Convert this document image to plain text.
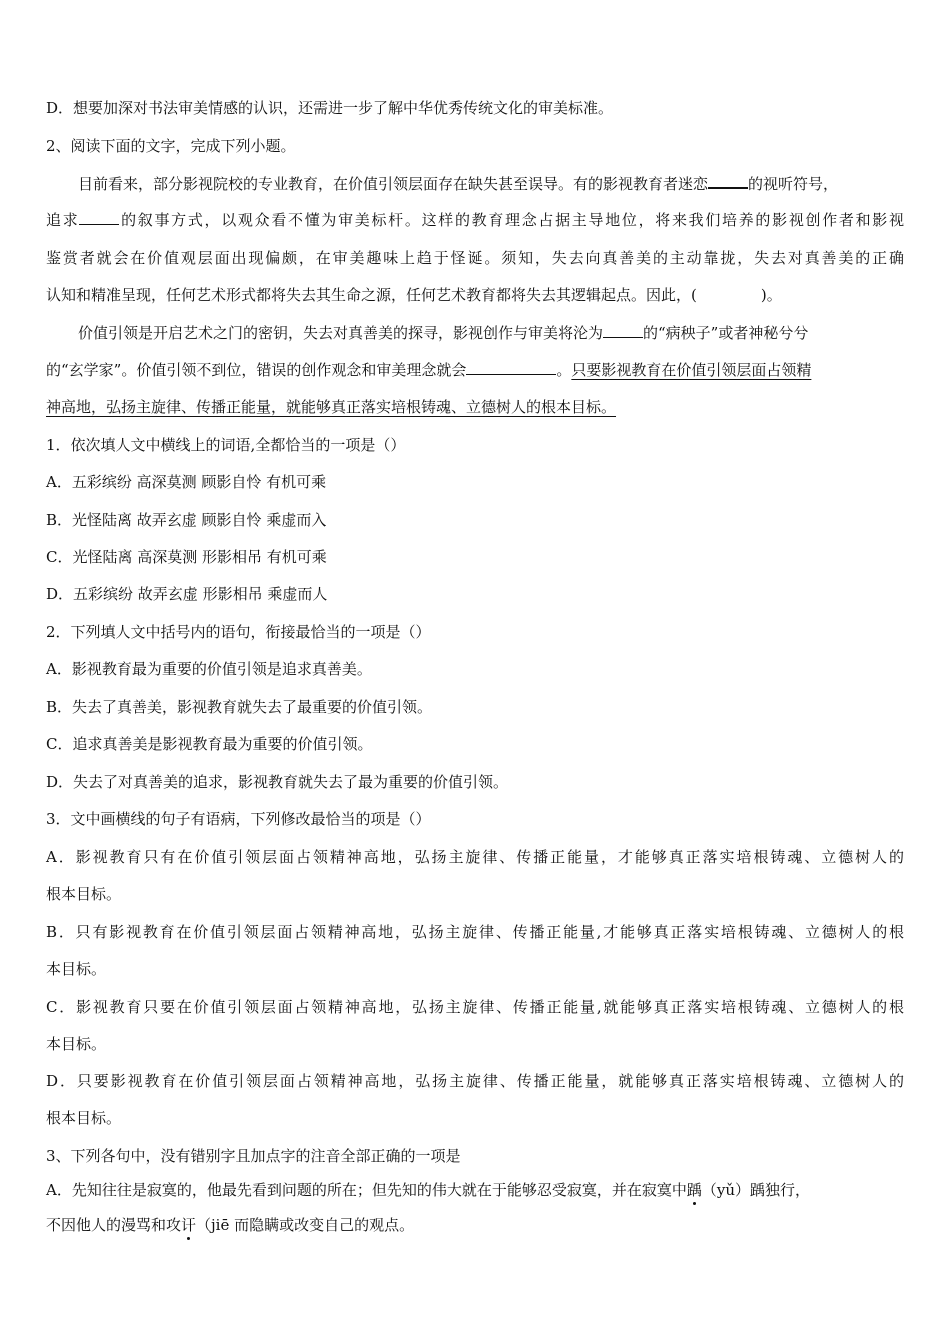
D．想要加深对书法审美情感的认识，还需进一步了解中华优秀传统文化的审美标准。
2、阅读下面的文字，完成下列小题。
目前看来，部分影视院校的专业教育，在价值引领层面存在缺失甚至误导。有的影视教育者迷恋	的视听符号，
追求	的叙事方式，以观众看不懂为审美标杆。这样的教育理念占据主导地位，将来我们培养的影视创作者和影视
鉴赏者就会在价值观层面出现偏颇，在审美趣味上趋于怪诞。须知，失去向真善美的主动靠拢，失去对真善美的正确
认知和精准呈现，任何艺术形式都将失去其生命之源，任何艺术教育都将失去其逻辑起点。因此，(	)。
价值引领是开启艺术之门的密钥，失去对真善美的探寻，影视创作与审美将沦为	的“病秧子”或者神秘兮兮
的“玄学家”。价值引领不到位，错误的创作观念和审美理念就会	。只要影视教育在价值引领层面占领精
神高地，弘扬主旋律、传播正能量，就能够真正落实培根铸魂、立德树人的根本目标。
1．依次填人文中横线上的词语,全都恰当的一项是（）
A．五彩缤纷 高深莫测 顾影自怜 有机可乘
B．光怪陆离 故弄玄虚 顾影自怜 乘虚而入
C．光怪陆离 高深莫测 形影相吊 有机可乘
D．五彩缤纷 故弄玄虚 形影相吊 乘虚而人
2．下列填人文中括号内的语句，衔接最恰当的一项是（）
A．影视教育最为重要的价值引领是追求真善美。
B．失去了真善美，影视教育就失去了最重要的价值引领。
C．追求真善美是影视教育最为重要的价值引领。
D．失去了对真善美的追求，影视教育就失去了最为重要的价值引领。
3．文中画横线的句子有语病，下列修改最恰当的项是（）
A．影视教育只有在价值引领层面占领精神高地，弘扬主旋律、传播正能量，才能够真正落实培根铸魂、立德树人的
根本目标。
B．只有影视教育在价值引领层面占领精神高地，弘扬主旋律、传播正能量,才能够真正落实培根铸魂、立德树人的根
本目标。
C．影视教育只要在价值引领层面占领精神高地，弘扬主旋律、传播正能量,就能够真正落实培根铸魂、立德树人的根
本目标。
D．只要影视教育在价值引领层面占领精神高地，弘扬主旋律、传播正能量，就能够真正落实培根铸魂、立德树人的
根本目标。
3、下列各句中，没有错别字且加点字的注音全部正确的一项是
A．先知往往是寂寞的，他最先看到问题的所在；但先知的伟大就在于能够忍受寂寞，并在寂寞中踽（yǔ）踽独行，
不因他人的漫骂和攻讦（jiē 而隐瞒或改变自己的观点。
